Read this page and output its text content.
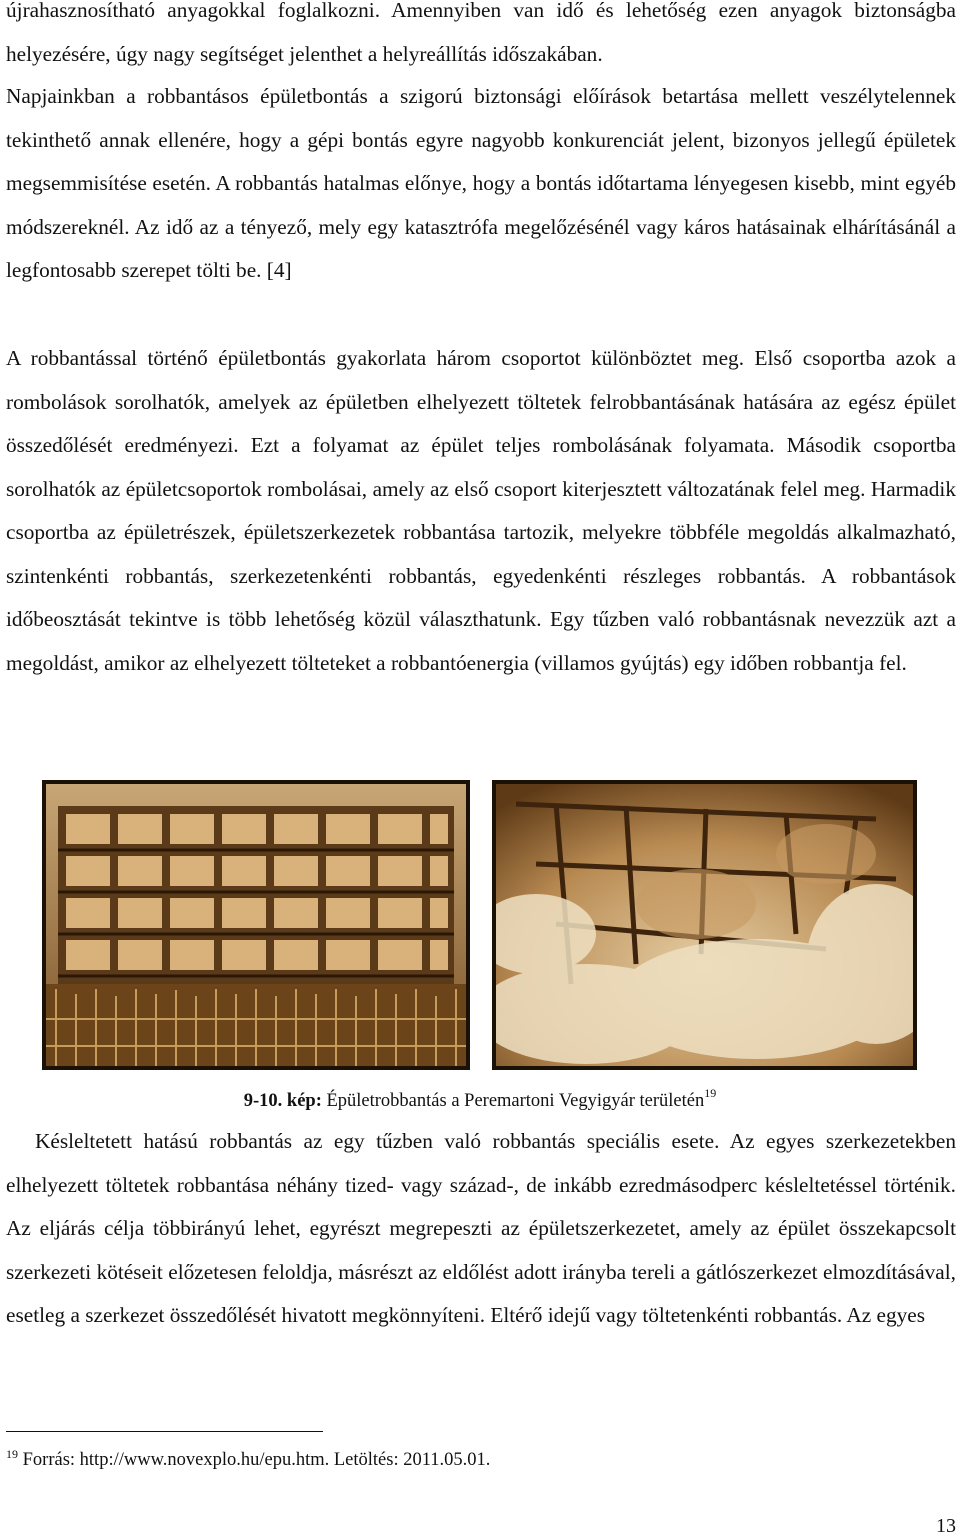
újrahasznosítható anyagokkal foglalkozni. Amennyiben van idő és lehetőség ezen anyagok biztonságba helyezésére, úgy nagy segítséget jelenthet a helyreállítás időszakában.

Napjainkban a robbantásos épületbontás a szigorú biztonsági előírások betartása mellett veszélytelennek tekinthető annak ellenére, hogy a gépi bontás egyre nagyobb konkurenciát jelent, bizonyos jellegű épületek megsemmisítése esetén. A robbantás hatalmas előnye, hogy a bontás időtartama lényegesen kisebb, mint egyéb módszereknél. Az idő az a tényező, mely egy katasztrófa megelőzésénél vagy káros hatásainak elhárításánál a legfontosabb szerepet tölti be. [4]

A robbantással történő épületbontás gyakorlata három csoportot különböztet meg. Első csoportba azok a rombolások sorolhatók, amelyek az épületben elhelyezett töltetek felrobbantásának hatására az egész épület összedőlését eredményezi. Ezt a folyamat az épület teljes rombolásának folyamata. Második csoportba sorolhatók az épületcsoportok rombolásai, amely az első csoport kiterjesztett változatának felel meg. Harmadik csoportba az épületrészek, épületszerkezetek robbantása tartozik, melyekre többféle megoldás alkalmazható, szintenkénti robbantás, szerkezetenkénti robbantás, egyedenkénti részleges robbantás. A robbantások időbeosztását tekintve is több lehetőség közül választhatunk. Egy tűzben való robbantásnak nevezzük azt a megoldást, amikor az elhelyezett tölteteket a robbantóenergia (villamos gyújtás) egy időben robbantja fel.

9-10. kép: Épületrobbantás a Peremartoni Vegyigyár területén$^{19}$

Késleltetett hatású robbantás az egy tűzben való robbantás speciális esete. Az egyes szerkezetekben elhelyezett töltetek robbantása néhány tized- vagy század-, de inkább ezredmásodperc késleltetéssel történik. Az eljárás célja többirányú lehet, egyrészt megrepeszti az épületszerkezetet, amely az épület összekapcsolt szerkezeti kötéseit előzetesen feloldja, másrészt az eldőlést adott irányba tereli a gátlószerkezet elmozdításával, esetleg a szerkezet összedőlését hivatott megkönnyíteni. Eltérő idejű vagy töltetenkénti robbantás. Az egyes

$^{19}$ Forrás: http://www.novexplo.hu/epu.htm. Letöltés: 2011.05.01.
13
